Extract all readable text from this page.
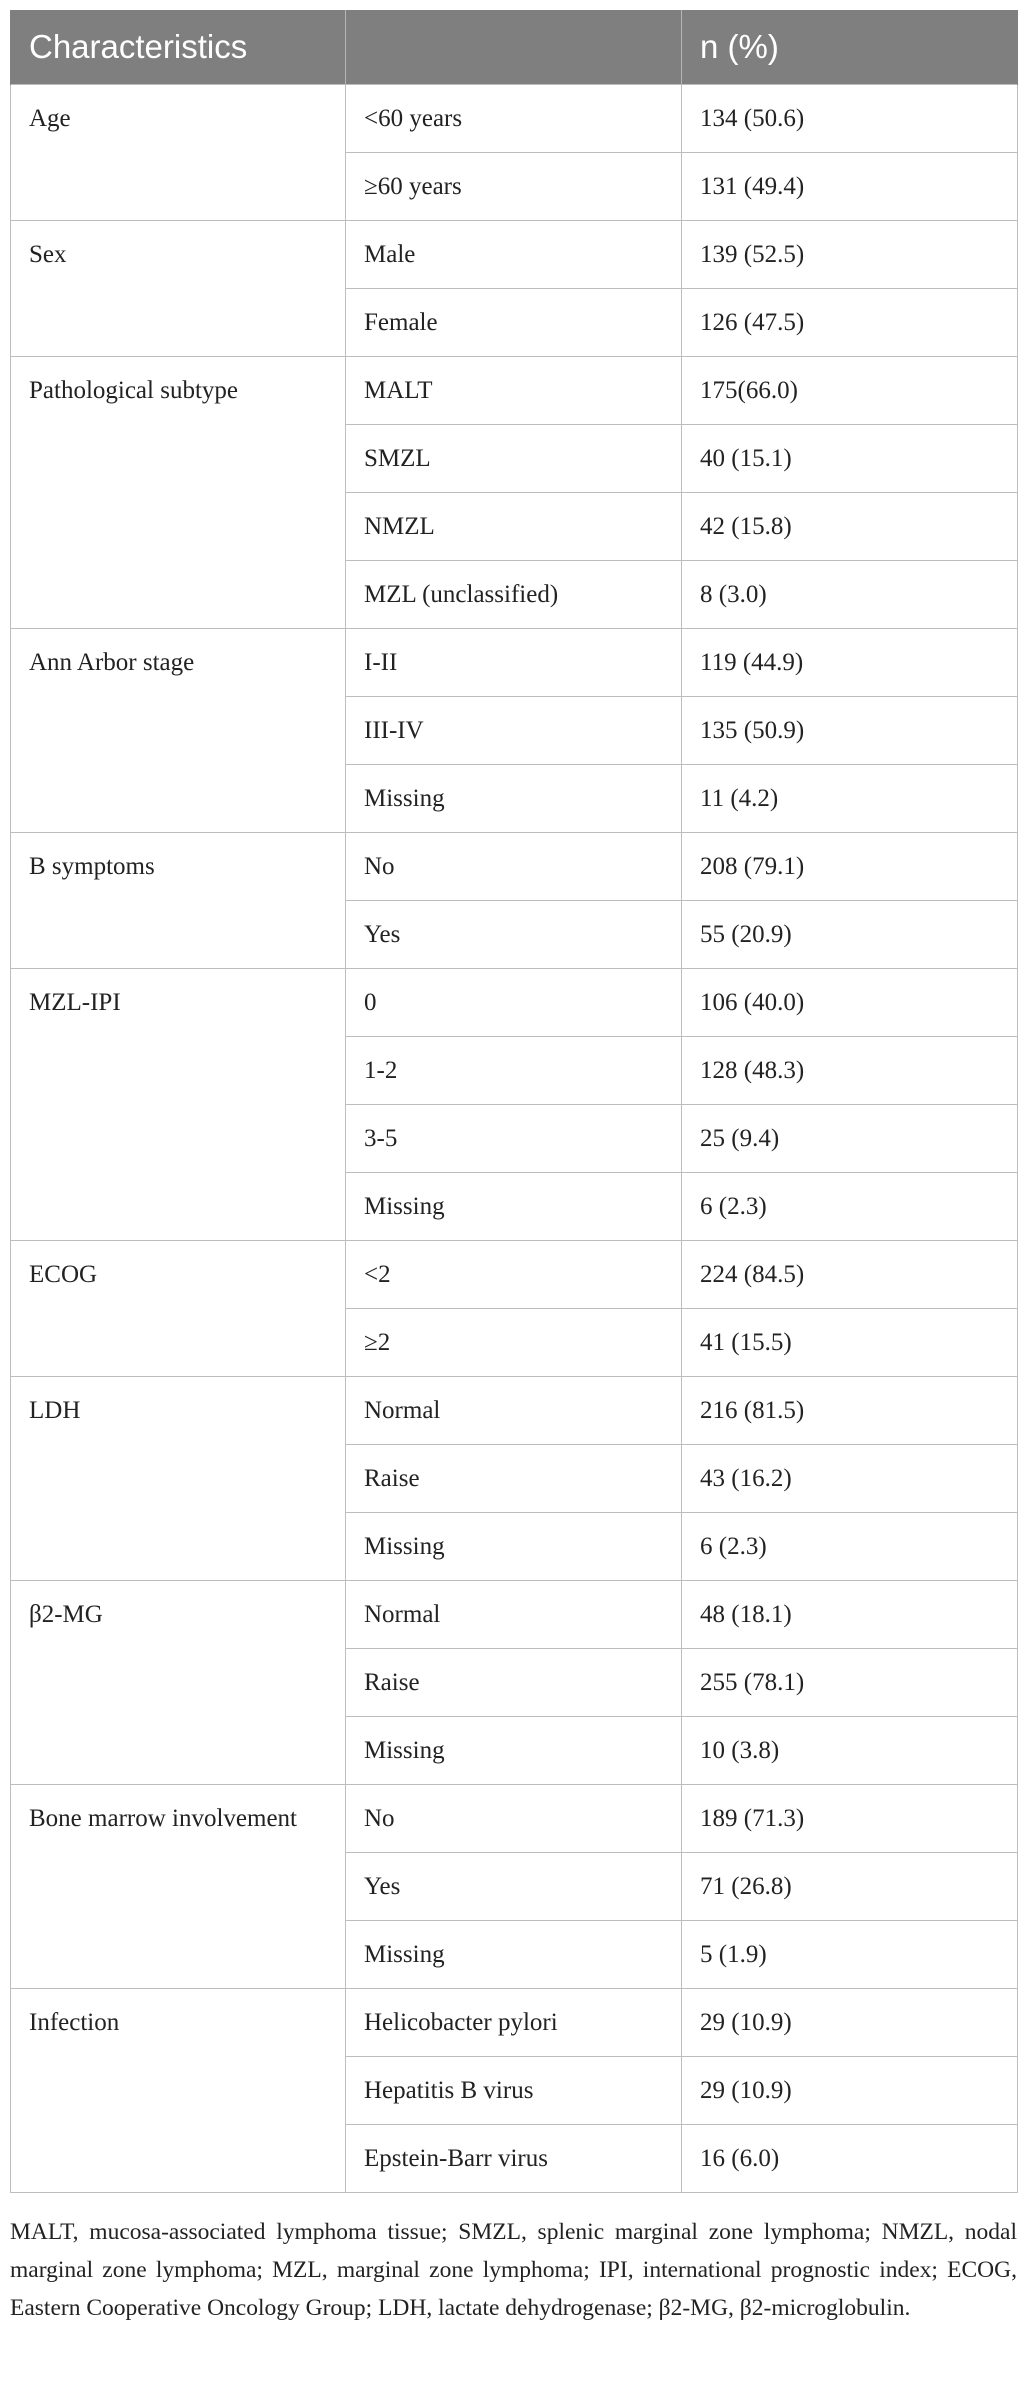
Characteristics		n (%)
Age	<60 years	134 (50.6)
	≥60 years	131 (49.4)
Sex	Male	139 (52.5)
	Female	126 (47.5)
Pathological subtype	MALT	175(66.0)
	SMZL	40 (15.1)
	NMZL	42 (15.8)
	MZL (unclassified)	8 (3.0)
Ann Arbor stage	I-II	119 (44.9)
	III-IV	135 (50.9)
	Missing	11 (4.2)
B symptoms	No	208 (79.1)
	Yes	55 (20.9)
MZL-IPI	0	106 (40.0)
	1-2	128 (48.3)
	3-5	25 (9.4)
	Missing	6 (2.3)
ECOG	<2	224 (84.5)
	≥2	41 (15.5)
LDH	Normal	216 (81.5)
	Raise	43 (16.2)
	Missing	6 (2.3)
β2-MG	Normal	48 (18.1)
	Raise	255 (78.1)
	Missing	10 (3.8)
Bone marrow involvement	No	189 (71.3)
	Yes	71 (26.8)
	Missing	5 (1.9)
Infection	Helicobacter pylori	29 (10.9)
	Hepatitis B virus	29 (10.9)
	Epstein-Barr virus	16 (6.0)
MALT, mucosa-associated lymphoma tissue; SMZL, splenic marginal zone lymphoma; NMZL, nodal marginal zone lymphoma; MZL, marginal zone lymphoma; IPI, international prognostic index; ECOG, Eastern Cooperative Oncology Group; LDH, lactate dehydrogenase; β2-MG, β2-microglobulin.
